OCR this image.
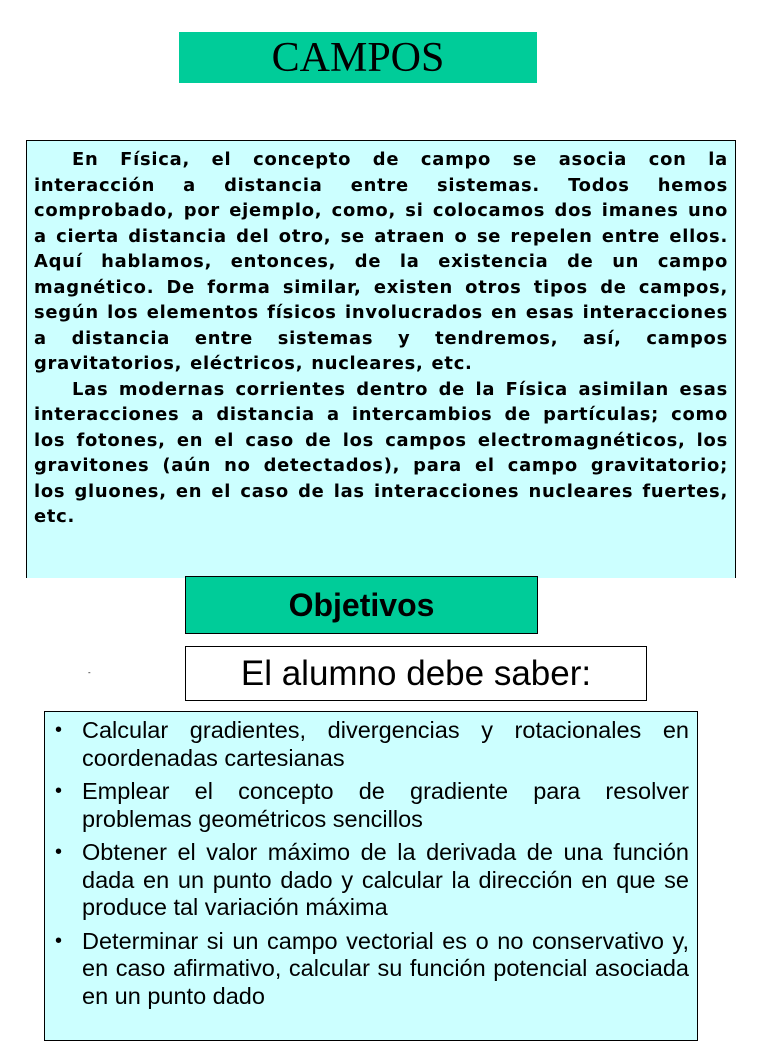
CAMPOS

En Física, el concepto de campo se asocia con la interacción a distancia entre sistemas. Todos hemos comprobado, por ejemplo, como, si colocamos dos imanes uno a cierta distancia del otro, se atraen o se repelen entre ellos. Aquí hablamos, entonces, de la existencia de un campo magnético. De forma similar, existen otros tipos de campos, según los elementos físicos involucrados en esas interacciones a distancia entre sistemas y tendremos, así, campos gravitatorios, eléctricos, nucleares, etc.

Las modernas corrientes dentro de la Física asimilan esas interacciones a distancia a intercambios de partículas; como los fotones, en el caso de los campos electromagnéticos, los gravitones (aún no detectados), para el campo gravitatorio; los gluones, en el caso de las interacciones nucleares fuertes, etc.

Objetivos
-	El alumno debe saber:
• Calcular gradientes, divergencias y rotacionales en coordenadas cartesianas
• Emplear el concepto de gradiente para resolver problemas geométricos sencillos
• Obtener el valor máximo de la derivada de una función dada en un punto dado y calcular la dirección en que se produce tal variación máxima
• Determinar si un campo vectorial es o no conservativo y, en caso afirmativo, calcular su función potencial asociada en un punto dado
